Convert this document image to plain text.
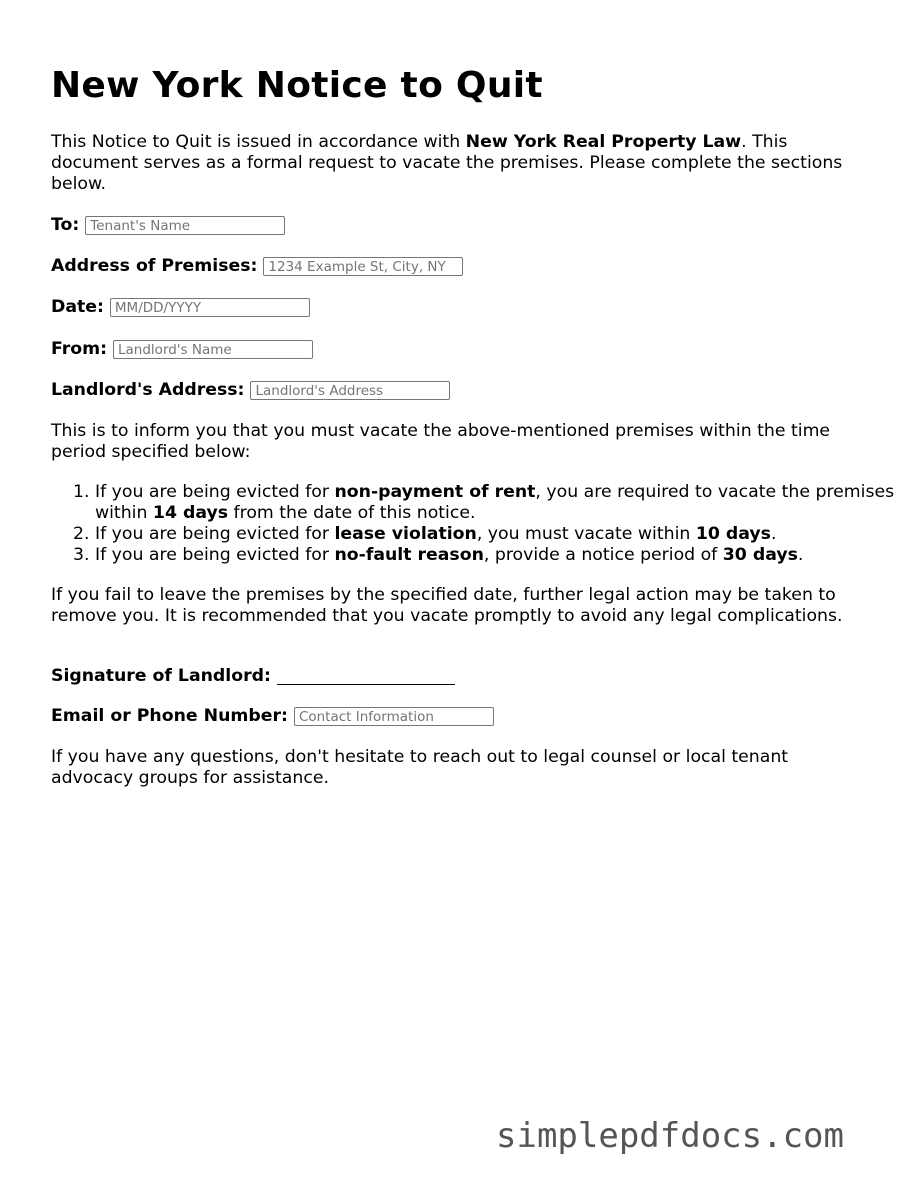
New York Notice to Quit

This Notice to Quit is issued in accordance with New York Real Property Law. This document serves as a formal request to vacate the premises. Please complete the sections below.

To:
Tenant's Name
Address of Premises:
1234 Example St, City, NY
Date:
MM/DD/YYYY
From:
Landlord's Name
Landlord's Address:
Landlord's Address

This is to inform you that you must vacate the above-mentioned premises within the time period specified below:

1. If you are being evicted for non-payment of rent, you are required to vacate the premises within 14 days from the date of this notice.
2. If you are being evicted for lease violation, you must vacate within 10 days.
3. If you are being evicted for no-fault reason, provide a notice period of 30 days.

If you fail to leave the premises by the specified date, further legal action may be taken to remove you. It is recommended that you vacate promptly to avoid any legal complications.

Signature of Landlord:
Email or Phone Number:
Contact Information

If you have any questions, don't hesitate to reach out to legal counsel or local tenant advocacy groups for assistance.

simplepdfdocs.com
